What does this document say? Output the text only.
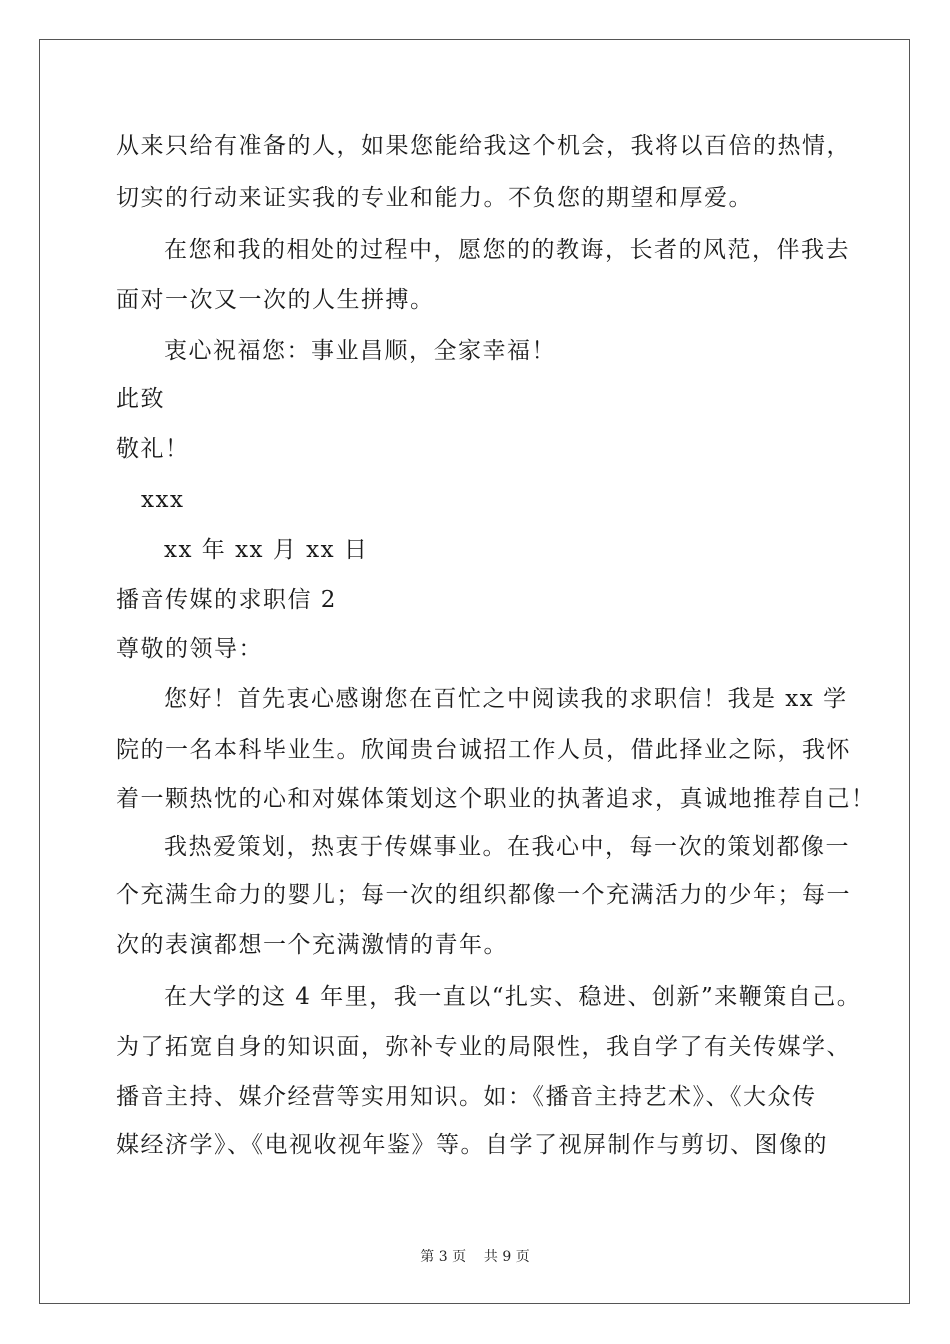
从来只给有准备的人，如果您能给我这个机会，我将以百倍的热情，
切实的行动来证实我的专业和能力。不负您的期望和厚爱。
在您和我的相处的过程中，愿您的的教诲，长者的风范，伴我去
面对一次又一次的人生拼搏。
衷心祝福您：事业昌顺，全家幸福！
此致
敬礼！
xxx
xx 年 xx 月 xx 日
播音传媒的求职信 2
尊敬的领导：
您好！首先衷心感谢您在百忙之中阅读我的求职信！我是 xx 学
院的一名本科毕业生。欣闻贵台诚招工作人员，借此择业之际，我怀
着一颗热忱的心和对媒体策划这个职业的执著追求，真诚地推荐自己！
我热爱策划，热衷于传媒事业。在我心中，每一次的策划都像一
个充满生命力的婴儿；每一次的组织都像一个充满活力的少年；每一
次的表演都想一个充满激情的青年。
在大学的这 4 年里，我一直以“扎实、稳进、创新”来鞭策自己。
为了拓宽自身的知识面，弥补专业的局限性，我自学了有关传媒学、
播音主持、媒介经营等实用知识。如：《播音主持艺术》、《大众传
媒经济学》、《电视收视年鉴》等。自学了视屏制作与剪切、图像的
第 3 页    共 9 页
